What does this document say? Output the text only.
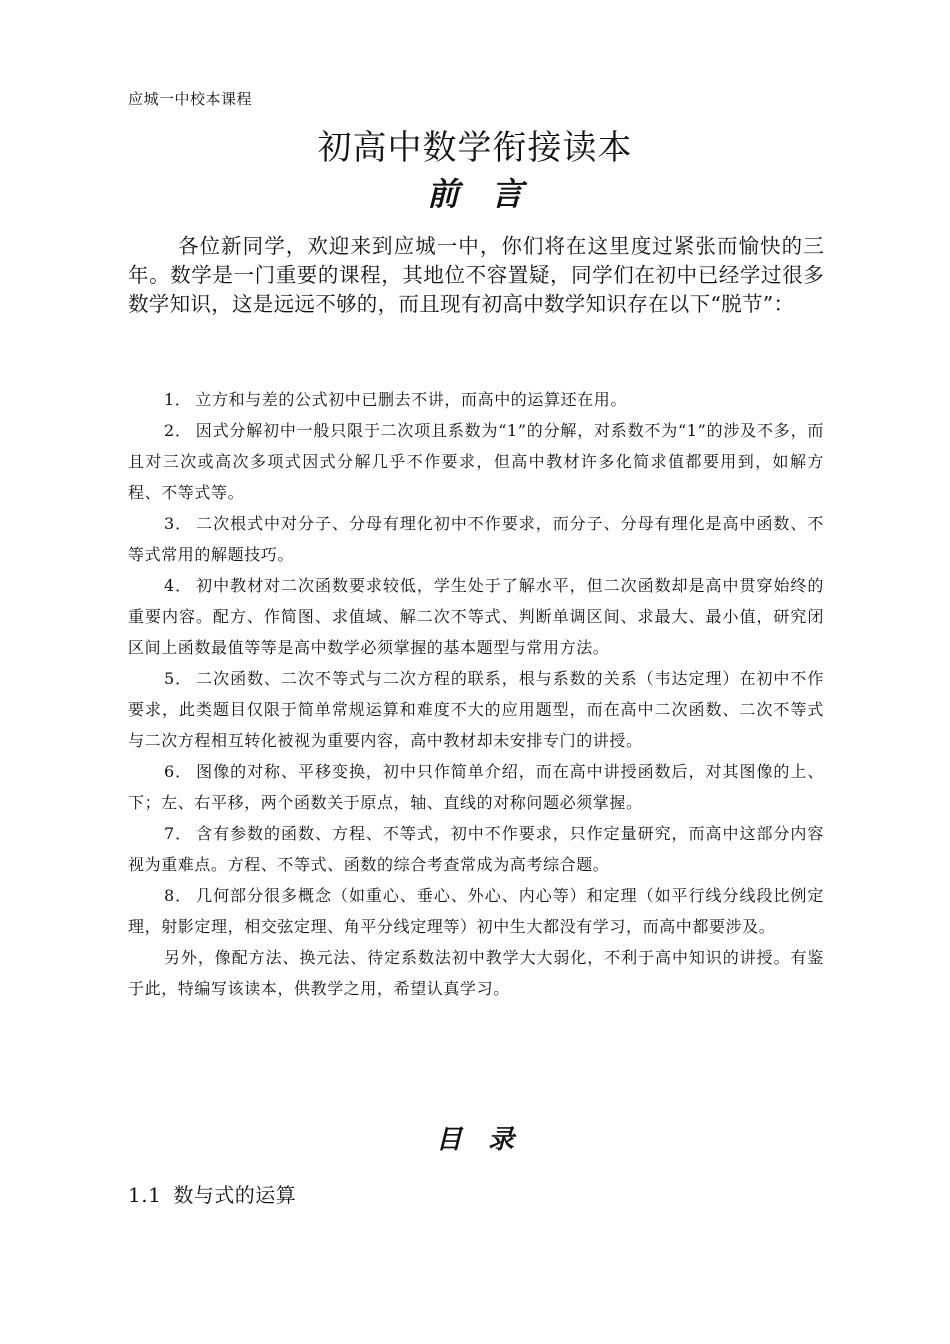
应城一中校本课程
初高中数学衔接读本
前　言
各位新同学，欢迎来到应城一中，你们将在这里度过紧张而愉快的三年。数学是一门重要的课程，其地位不容置疑，同学们在初中已经学过很多数学知识，这是远远不够的，而且现有初高中数学知识存在以下“脱节”：

1． 立方和与差的公式初中已删去不讲，而高中的运算还在用。

2． 因式分解初中一般只限于二次项且系数为“1”的分解，对系数不为“1”的涉及不多，而且对三次或高次多项式因式分解几乎不作要求，但高中教材许多化简求值都要用到，如解方程、不等式等。

3． 二次根式中对分子、分母有理化初中不作要求，而分子、分母有理化是高中函数、不等式常用的解题技巧。

4． 初中教材对二次函数要求较低，学生处于了解水平，但二次函数却是高中贯穿始终的重要内容。配方、作简图、求值域、解二次不等式、判断单调区间、求最大、最小值，研究闭区间上函数最值等等是高中数学必须掌握的基本题型与常用方法。

5． 二次函数、二次不等式与二次方程的联系，根与系数的关系（韦达定理）在初中不作要求，此类题目仅限于简单常规运算和难度不大的应用题型，而在高中二次函数、二次不等式与二次方程相互转化被视为重要内容，高中教材却未安排专门的讲授。

6． 图像的对称、平移变换，初中只作简单介绍，而在高中讲授函数后，对其图像的上、下；左、右平移，两个函数关于原点，轴、直线的对称问题必须掌握。

7． 含有参数的函数、方程、不等式，初中不作要求，只作定量研究，而高中这部分内容视为重难点。方程、不等式、函数的综合考查常成为高考综合题。

8． 几何部分很多概念（如重心、垂心、外心、内心等）和定理（如平行线分线段比例定理，射影定理，相交弦定理、角平分线定理等）初中生大都没有学习，而高中都要涉及。

另外，像配方法、换元法、待定系数法初中教学大大弱化，不利于高中知识的讲授。有鉴于此，特编写该读本，供教学之用，希望认真学习。

目　录
1.1 数与式的运算
